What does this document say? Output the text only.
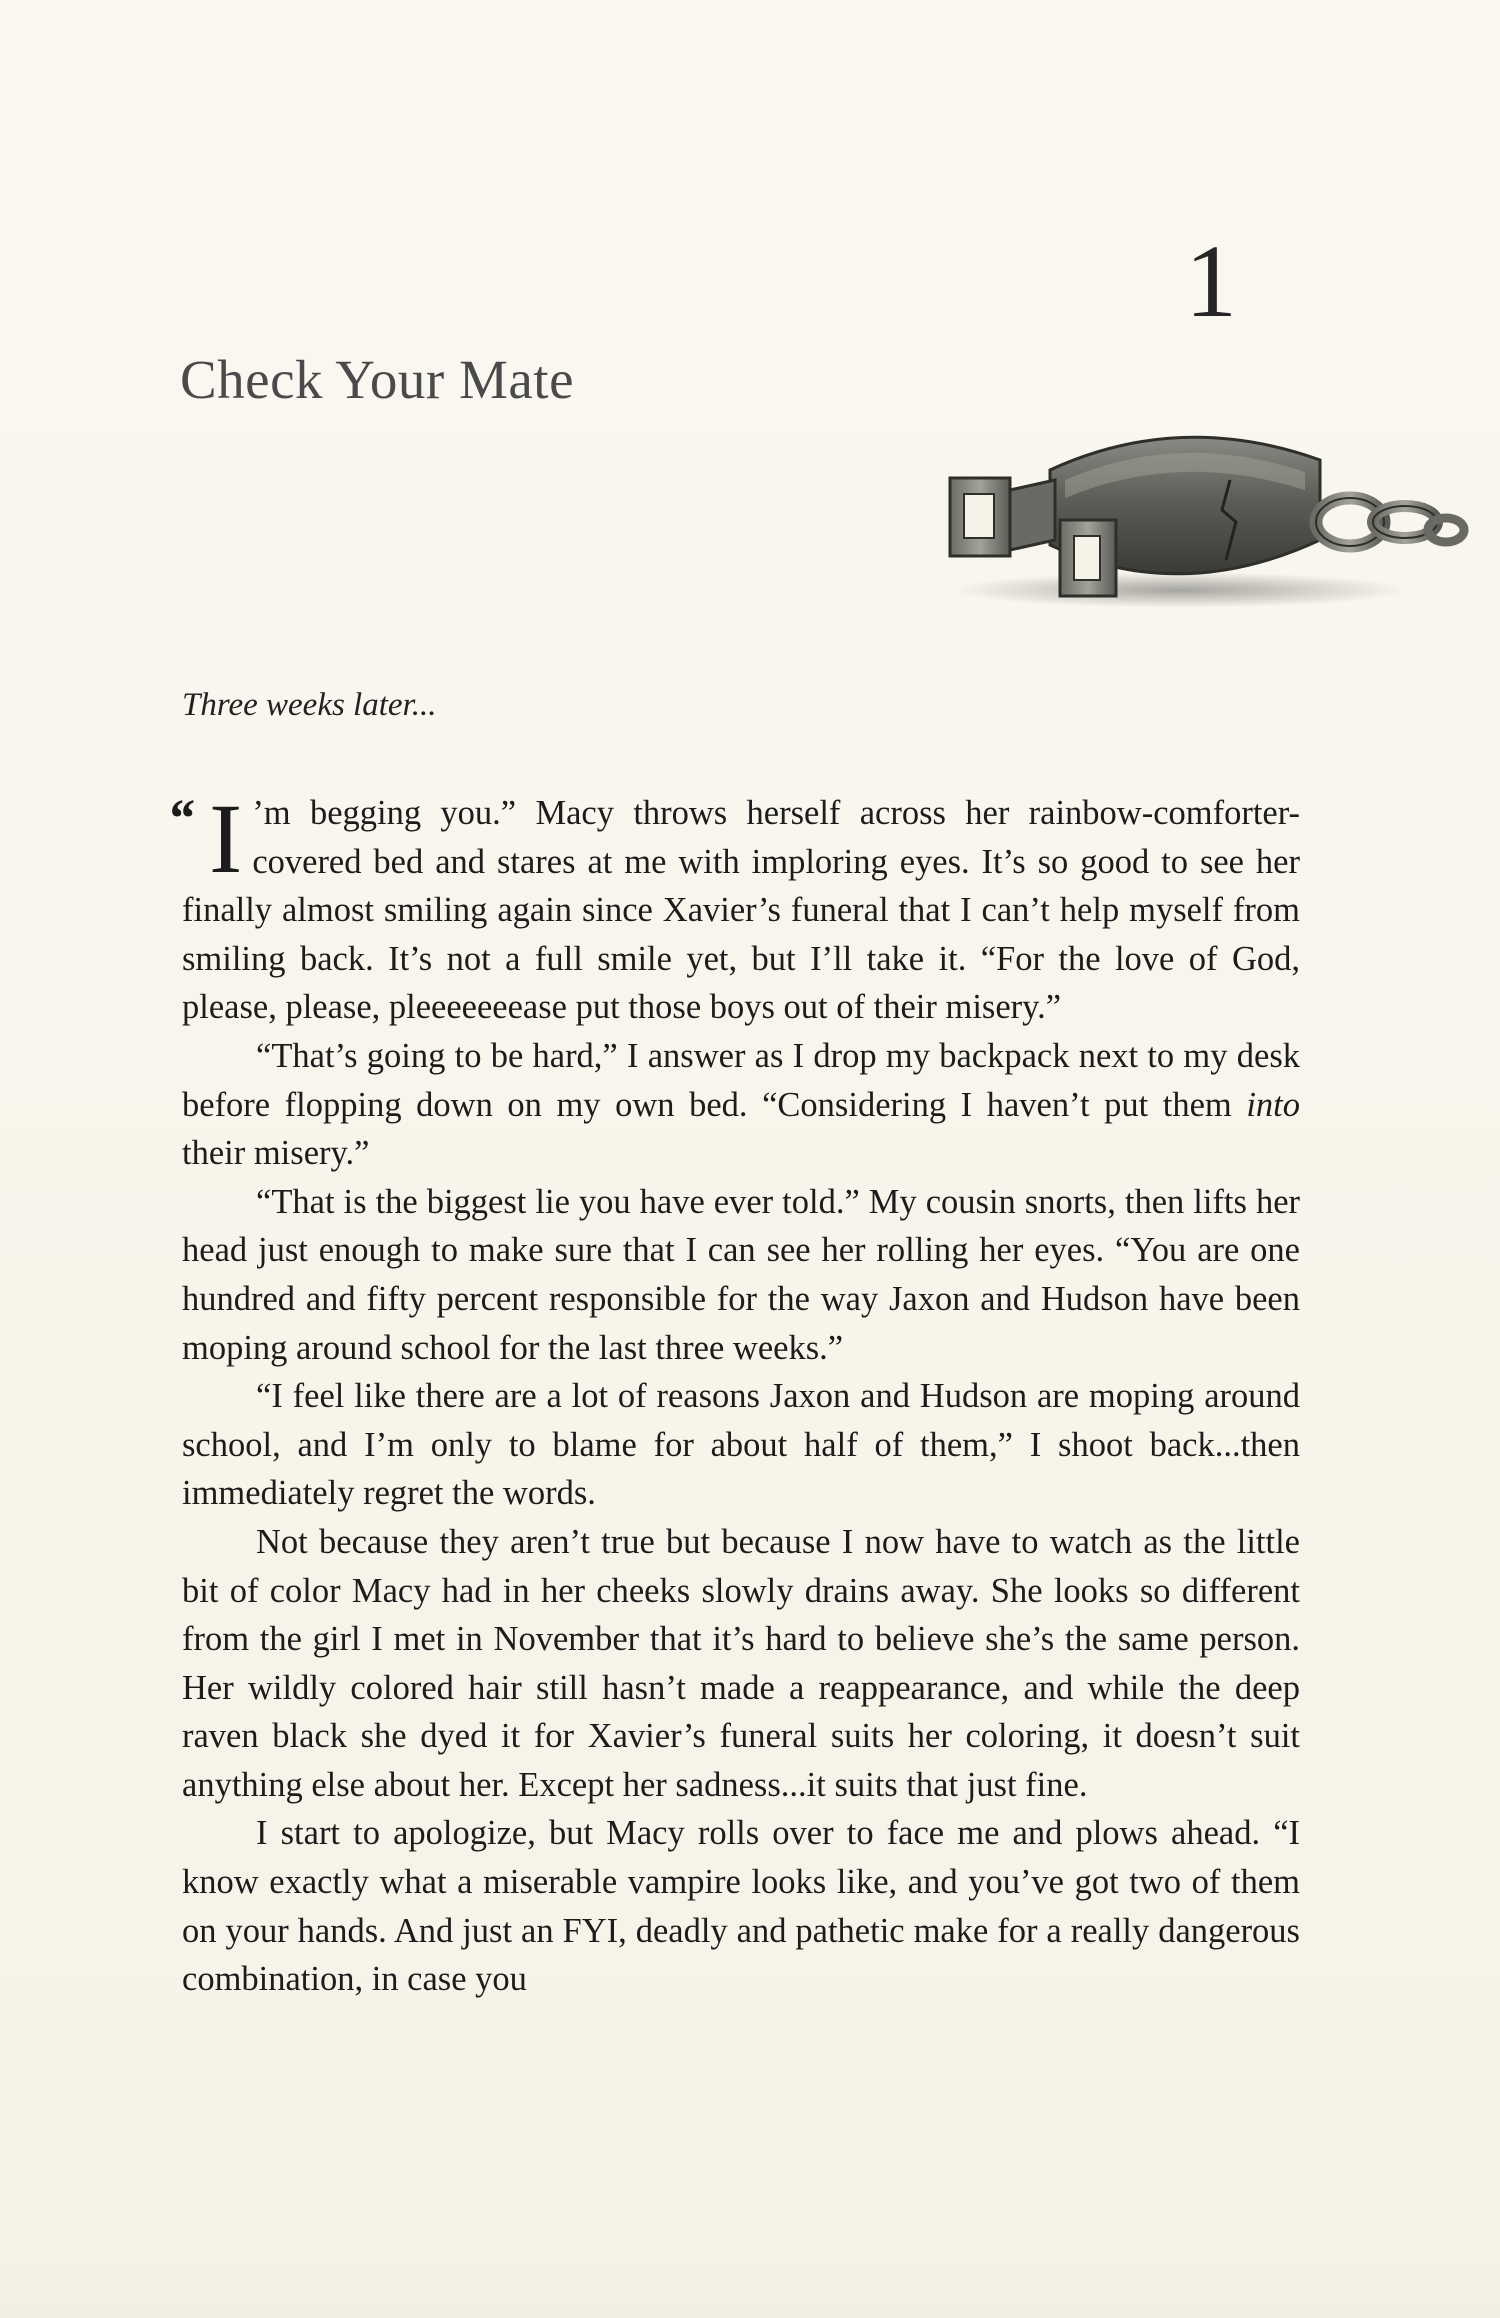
1
Check Your Mate
Three weeks later...
“ I ’m begging you.” Macy throws herself across her rainbow-comforter-covered bed and stares at me with imploring eyes. It’s so good to see her finally almost smiling again since Xavier’s funeral that I can’t help myself from smiling back. It’s not a full smile yet, but I’ll take it. “For the love of God, please, please, pleeeeeeease put those boys out of their misery.”

“That’s going to be hard,” I answer as I drop my backpack next to my desk before flopping down on my own bed. “Considering I haven’t put them into their misery.”

“That is the biggest lie you have ever told.” My cousin snorts, then lifts her head just enough to make sure that I can see her rolling her eyes. “You are one hundred and fifty percent responsible for the way Jaxon and Hudson have been moping around school for the last three weeks.”

“I feel like there are a lot of reasons Jaxon and Hudson are moping around school, and I’m only to blame for about half of them,” I shoot back...then immediately regret the words.

Not because they aren’t true but because I now have to watch as the little bit of color Macy had in her cheeks slowly drains away. She looks so different from the girl I met in November that it’s hard to believe she’s the same person. Her wildly colored hair still hasn’t made a reappearance, and while the deep raven black she dyed it for Xavier’s funeral suits her coloring, it doesn’t suit anything else about her. Except her sadness...it suits that just fine.

I start to apologize, but Macy rolls over to face me and plows ahead. “I know exactly what a miserable vampire looks like, and you’ve got two of them on your hands. And just an FYI, deadly and pathetic make for a really dangerous combination, in case you
